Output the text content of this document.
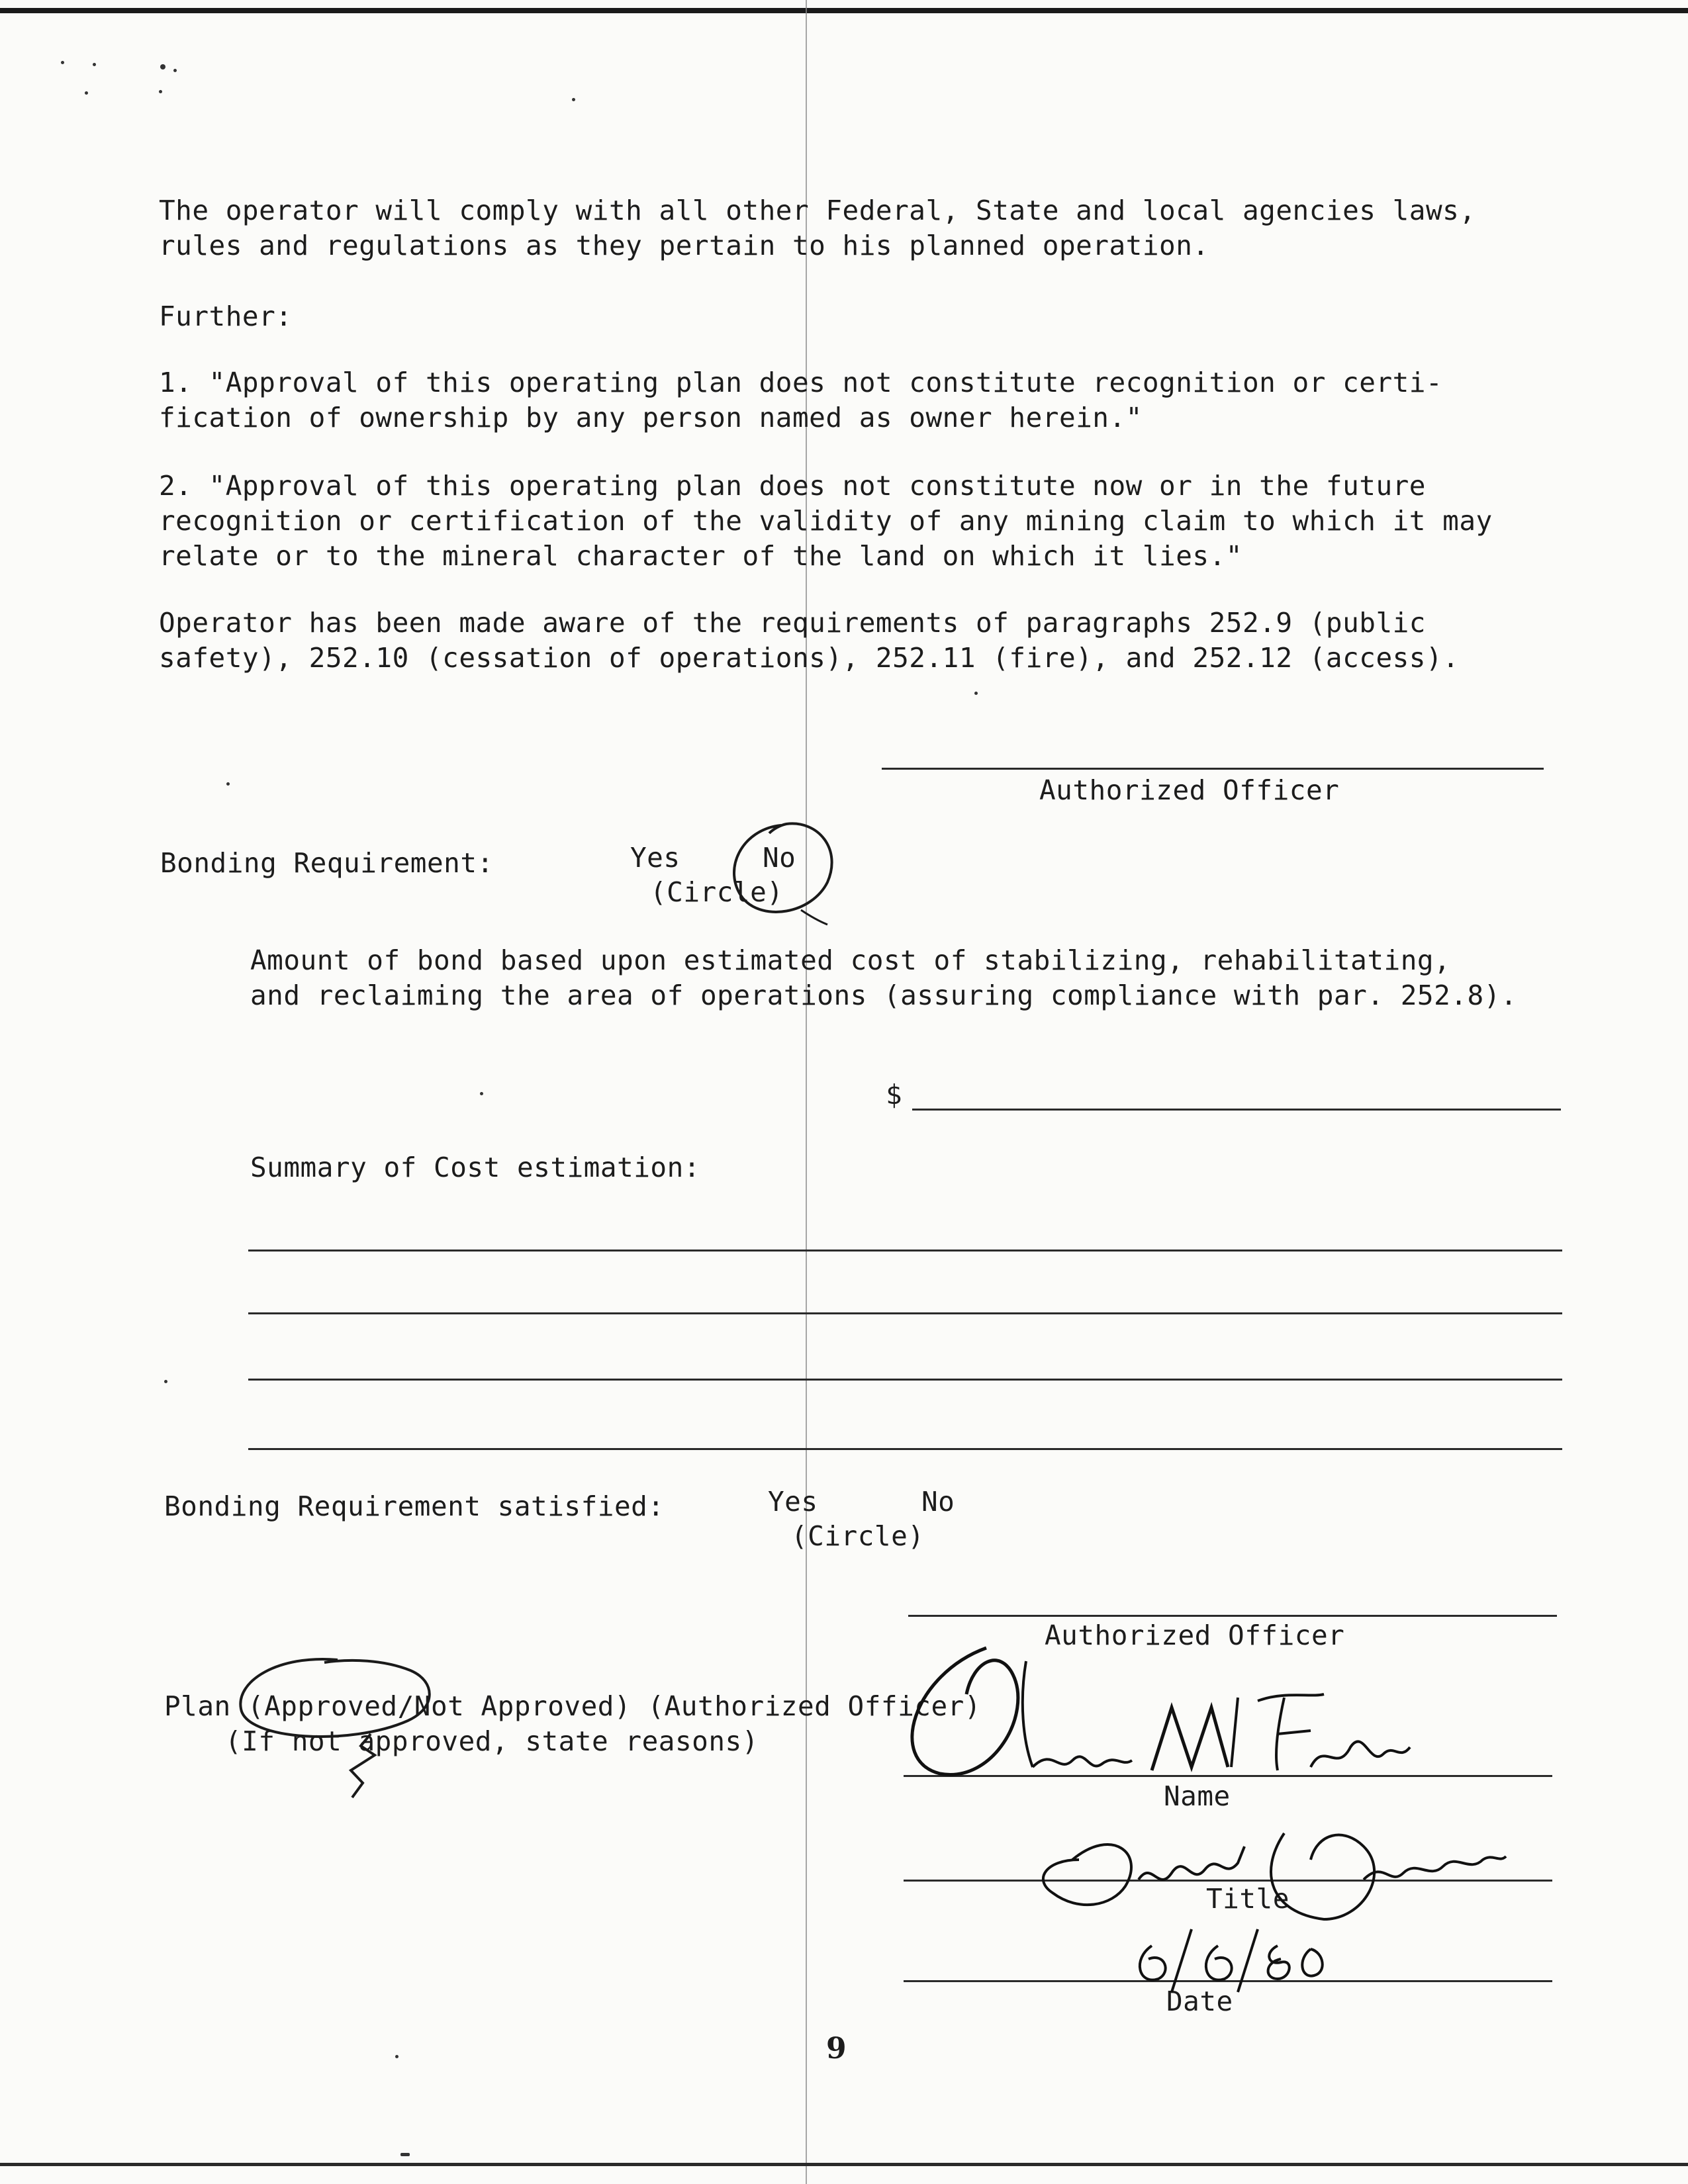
The operator will comply with all other Federal, State and local agencies laws,
rules and regulations as they pertain to his planned operation.
Further:
1. "Approval of this operating plan does not constitute recognition or certi-
fication of ownership by any person named as owner herein."
2. "Approval of this operating plan does not constitute now or in the future
recognition or certification of the validity of any mining claim to which it may
relate or to the mineral character of the land on which it lies."
Operator has been made aware of the requirements of paragraphs 252.9 (public
safety), 252.10 (cessation of operations), 252.11 (fire), and 252.12 (access).
Authorized Officer
Bonding Requirement:	Yes	No
(Circle)
Amount of bond based upon estimated cost of stabilizing, rehabilitating,
and reclaiming the area of operations (assuring compliance with par. 252.8).
$
Summary of Cost estimation:
Bonding Requirement satisfied:	Yes	No
(Circle)
Authorized Officer
Plan (Approved/Not Approved) (Authorized Officer)
(If not approved, state reasons)
Name
Title
Date
9
